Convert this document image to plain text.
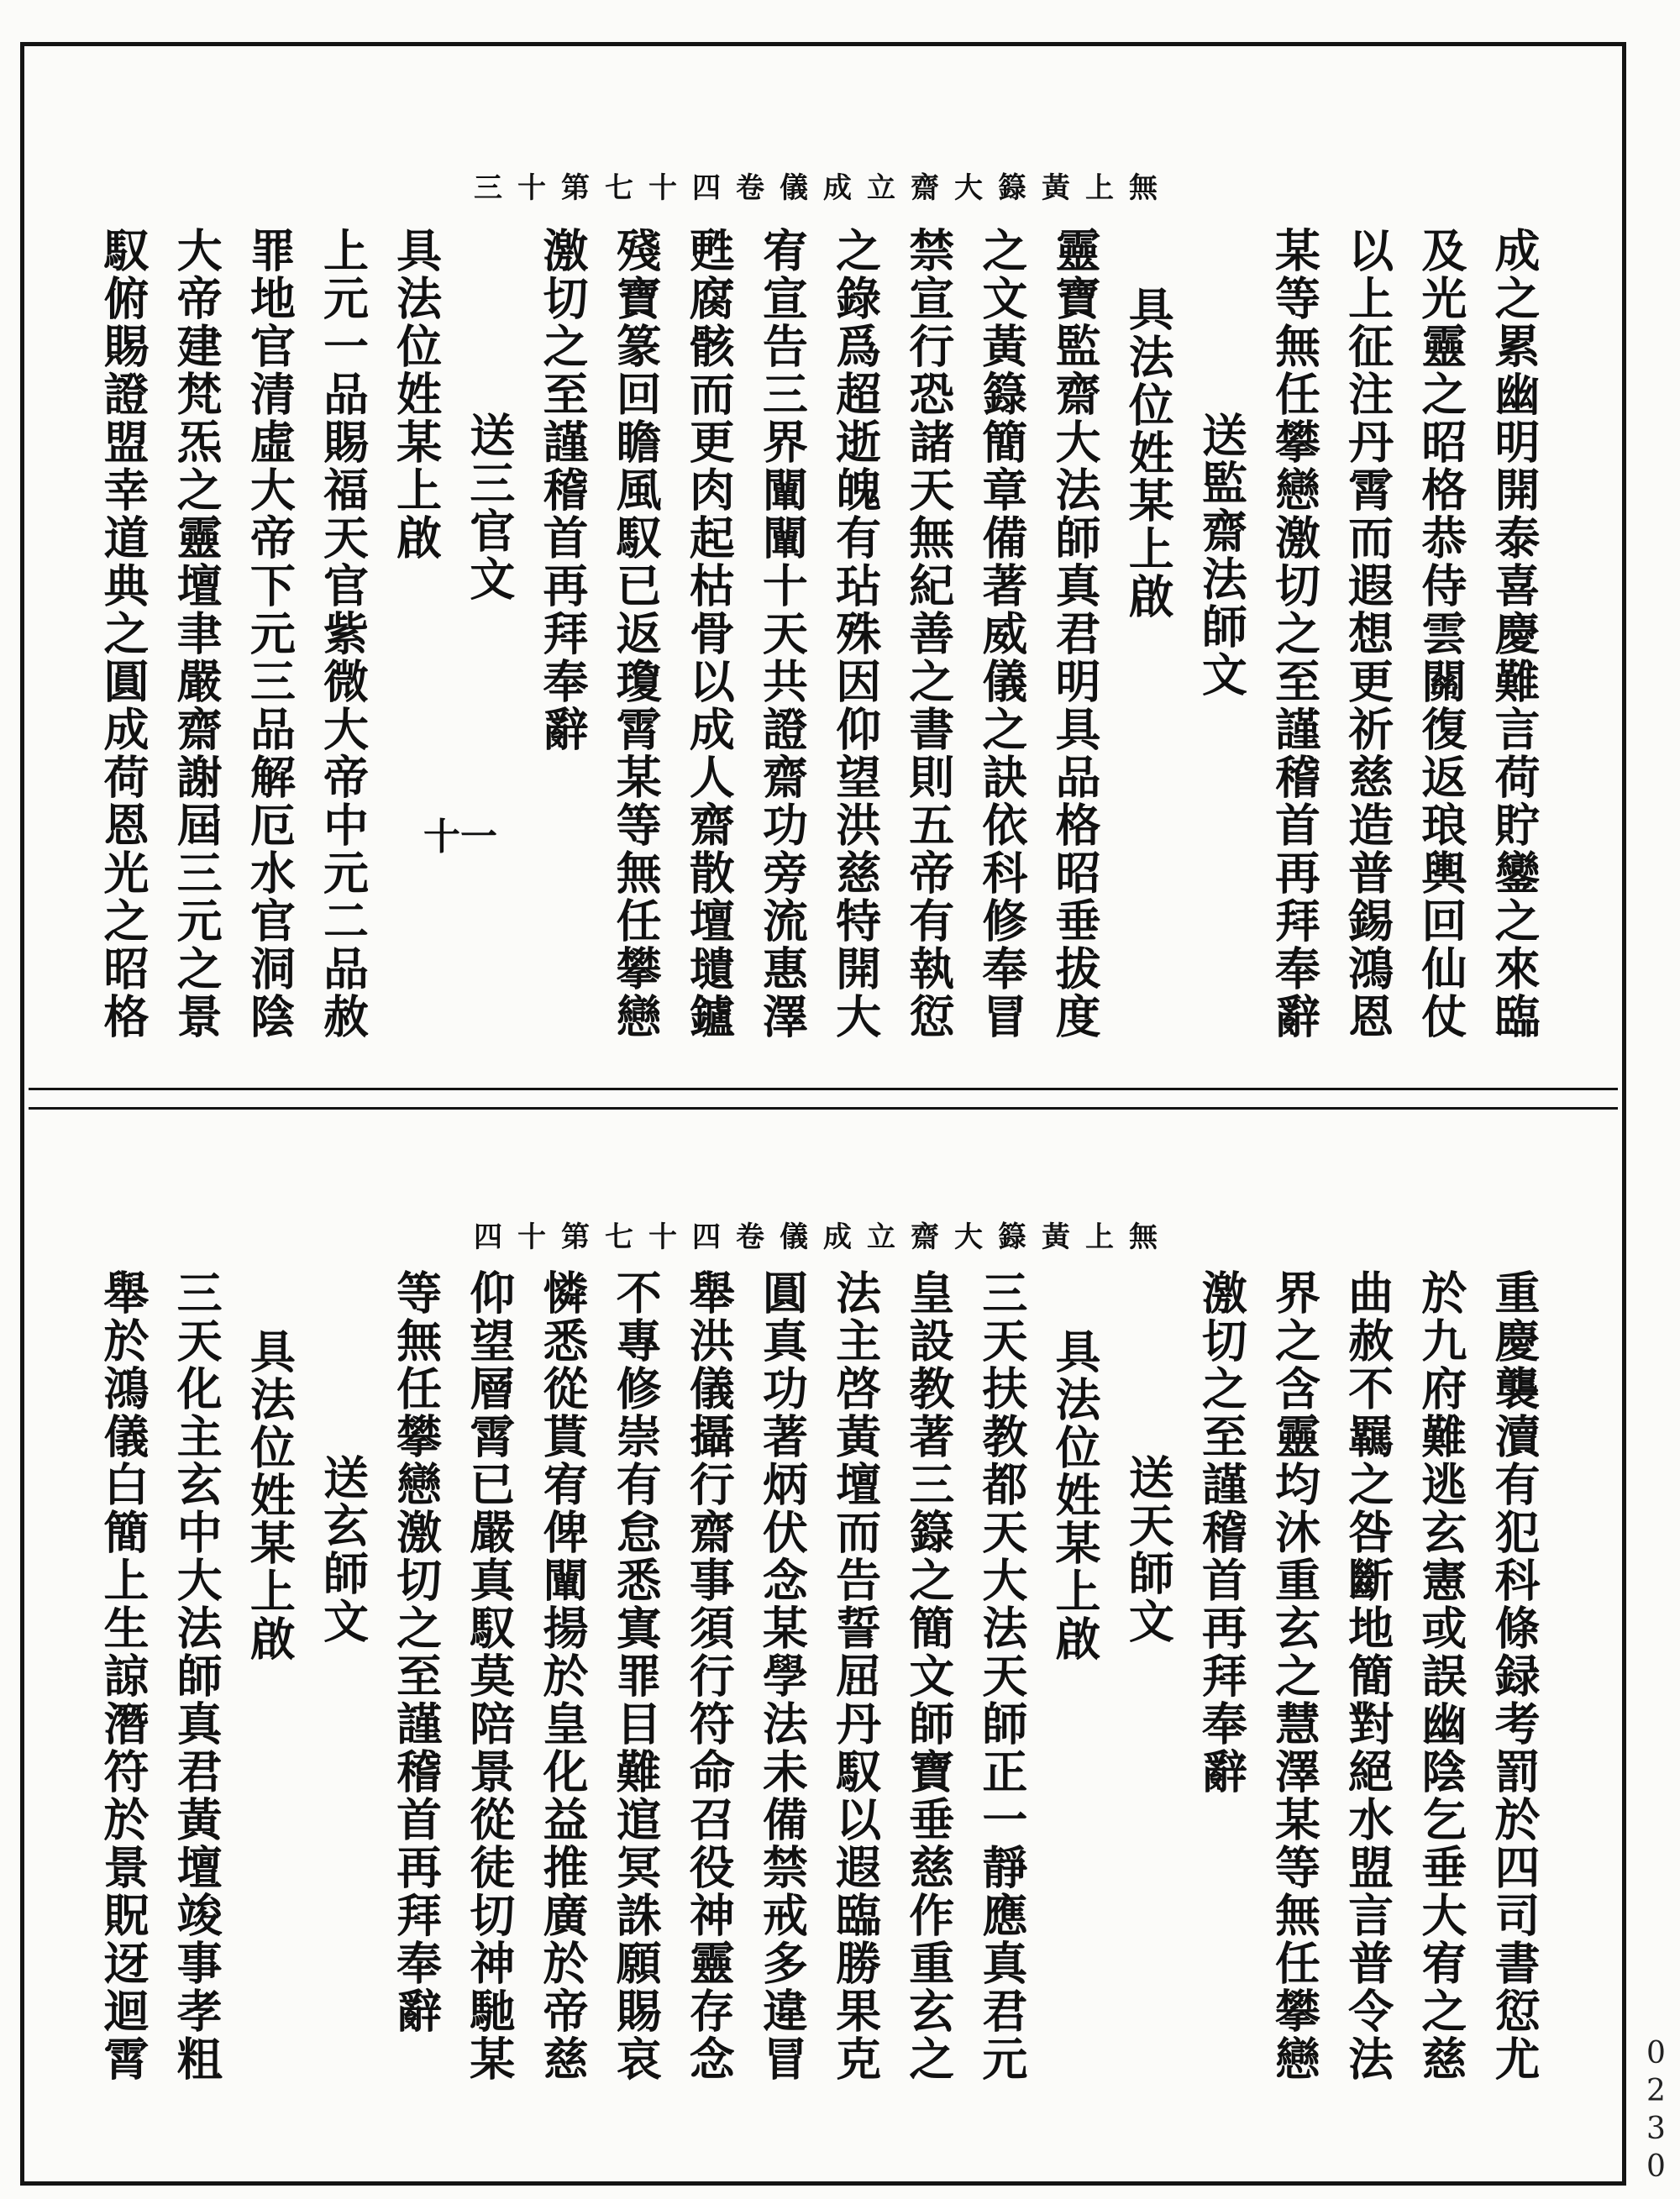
無上黃籙大齋立成儀卷四十七第十三
成之累幽明開泰喜慶難言荷貯鑾之來臨
及光靈之昭格恭侍雲關復返琅輿回仙仗
以上征注丹霄而遐想更祈慈造普錫鴻恩
某等無任攀戀激切之至謹稽首再拜奉辭
送監齋法師文
具法位姓某上啟
靈寶監齋大法師真君明具品格昭垂拔度
之文黃籙簡章備著威儀之訣依科修奉冒
禁宣行恐諸天無紀善之書則五帝有執愆
之錄爲超逝魄有玷殊因仰望洪慈特開大
宥宣告三界闡闡十天共證齋功旁流惠澤
甦腐骸而更肉起枯骨以成人齋散壇壝鑪
殘寶篆回瞻風馭已返瓊霄某等無任攀戀
激切之至謹稽首再拜奉辭
送三官文
具法位姓某上啟
上元一品賜福天官紫微大帝中元二品赦
罪地官清虛大帝下元三品解厄水官洞陰
大帝建梵炁之靈壇聿嚴齋謝屆三元之景
馭俯賜證盟幸道典之圓成荷恩光之昭格	十一
無上黃籙大齋立成儀卷四十七第十四
重慶襲瀆有犯科條録考罰於四司書愆尤
於九府難逃玄憲或誤幽陰乞垂大宥之慈
曲赦不羈之咎斷地簡對絕水盟言普令法
界之含靈均沐重玄之慧澤某等無任攀戀
激切之至謹稽首再拜奉辭
送天師文
具法位姓某上啟
三天扶教都天大法天師正一靜應真君元
皇設教著三籙之簡文師寶垂慈作重玄之
法主啓黃壇而告誓屈丹馭以遐臨勝果克
圓真功著炳伏念某學法未備禁戒多違冒
舉洪儀攝行齋事須行符命召役神靈存念
不專修崇有怠悉寘罪目難逭冥誅願賜哀
憐悉從貰宥俾闡揚於皇化益推廣於帝慈
仰望層霄已嚴真馭莫陪景從徒切神馳某
等無任攀戀激切之至謹稽首再拜奉辭
送玄師文
具法位姓某上啟
三天化主玄中大法師真君黃壇竣事孝粗
舉於鴻儀白簡上生諒潛符於景貺迓迴霄
0230
